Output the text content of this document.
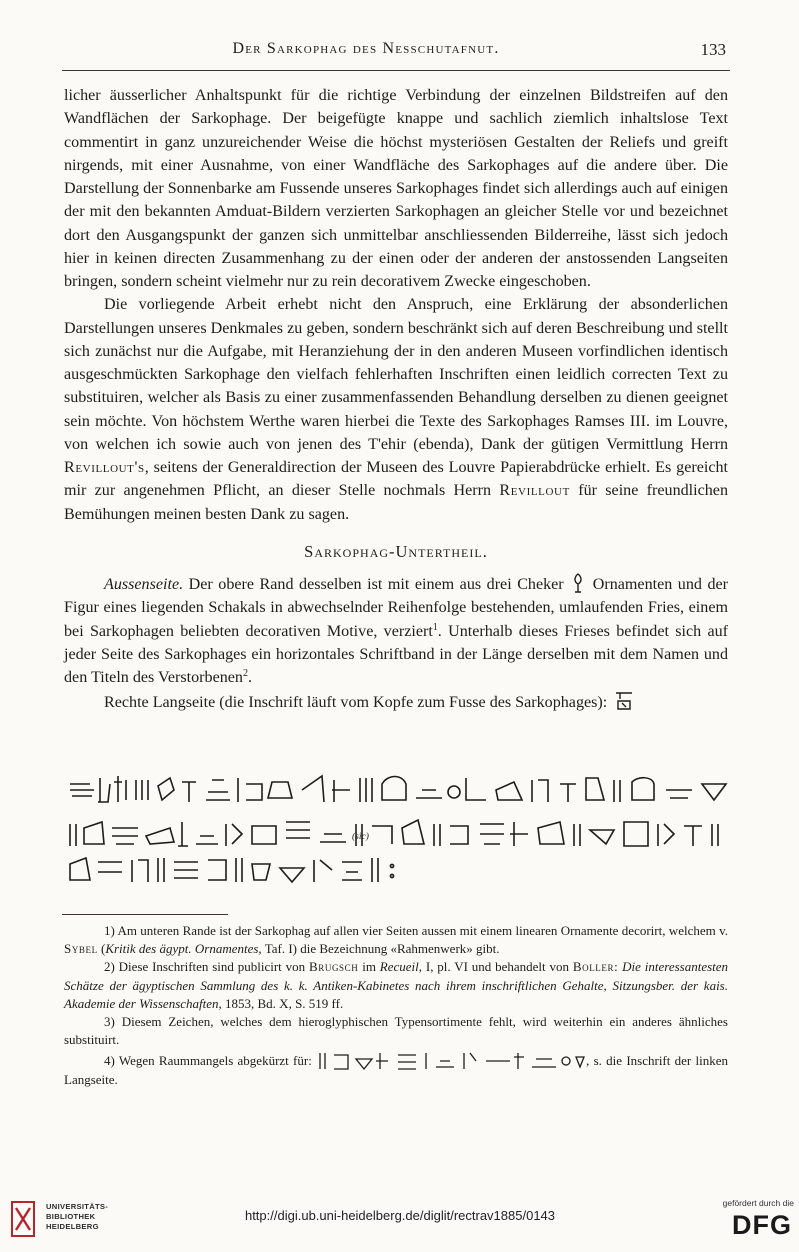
Der Sarkophag des Nesschutafnut.	133

licher äusserlicher Anhaltspunkt für die richtige Verbindung der einzelnen Bildstreifen auf den Wandflächen der Sarkophage. Der beigefügte knappe und sachlich ziemlich inhaltslose Text commentirt in ganz unzureichender Weise die höchst mysteriösen Gestalten der Reliefs und greift nirgends, mit einer Ausnahme, von einer Wandfläche des Sarkophages auf die andere über. Die Darstellung der Sonnenbarke am Fussende unseres Sarkophages findet sich allerdings auch auf einigen der mit den bekannten Amduat-Bildern verzierten Sarkophagen an gleicher Stelle vor und bezeichnet dort den Ausgangspunkt der ganzen sich unmittelbar anschliessenden Bilderreihe, lässt sich jedoch hier in keinen directen Zusammenhang zu der einen oder der anderen der anstossenden Langseiten bringen, sondern scheint vielmehr nur zu rein decorativem Zwecke eingeschoben.

Die vorliegende Arbeit erhebt nicht den Anspruch, eine Erklärung der absonderlichen Darstellungen unseres Denkmales zu geben, sondern beschränkt sich auf deren Beschreibung und stellt sich zunächst nur die Aufgabe, mit Heranziehung der in den anderen Museen vorfindlichen identisch ausgeschmückten Sarkophage den vielfach fehlerhaften Inschriften einen leidlich correcten Text zu substituiren, welcher als Basis zu einer zusammenfassenden Behandlung derselben zu dienen geeignet sein möchte. Von höchstem Werthe waren hierbei die Texte des Sarkophages Ramses III. im Louvre, von welchen ich sowie auch von jenen des T'ehir (ebenda), Dank der gütigen Vermittlung Herrn Revillout's, seitens der Generaldirection der Museen des Louvre Papierabdrücke erhielt. Es gereicht mir zur angenehmen Pflicht, an dieser Stelle nochmals Herrn Revillout für seine freundlichen Bemühungen meinen besten Dank zu sagen.

Sarkophag-Untertheil.

Aussenseite. Der obere Rand desselben ist mit einem aus drei Cheker Ornamenten und der Figur eines liegenden Schakals in abwechselnder Reihenfolge bestehenden, umlaufenden Fries, einem bei Sarkophagen beliebten decorativen Motive, verziert$^1$. Unterhalb dieses Frieses befindet sich auf jeder Seite des Sarkophages ein horizontales Schriftband in der Länge derselben mit dem Namen und den Titeln des Verstorbenen$^2$.

Rechte Langseite (die Inschrift läuft vom Kopfe zum Fusse des Sarkophages):

(sic)

1) Am unteren Rande ist der Sarkophag auf allen vier Seiten aussen mit einem linearen Ornamente decorirt, welchem v. Sybel (Kritik des ägypt. Ornamentes, Taf. I) die Bezeichnung «Rahmenwerk» gibt.

2) Diese Inschriften sind publicirt von Brugsch im Recueil, I, pl. VI und behandelt von Boller: Die interessantesten Schätze der ägyptischen Sammlung des k. k. Antiken-Kabinetes nach ihrem inschriftlichen Gehalte, Sitzungsber. der kais. Akademie der Wissenschaften, 1853, Bd. X, S. 519 ff.

3) Diesem Zeichen, welches dem hieroglyphischen Typensortimente fehlt, wird weiterhin ein anderes ähnliches substituirt.

4) Wegen Raummangels abgekürzt für:	, s. die Inschrift der linken Langseite.

UNIVERSITÄTS-
BIBLIOTHEK
HEIDELBERG
http://digi.ub.uni-heidelberg.de/diglit/rectrav1885/0143
gefördert durch die
DFG
